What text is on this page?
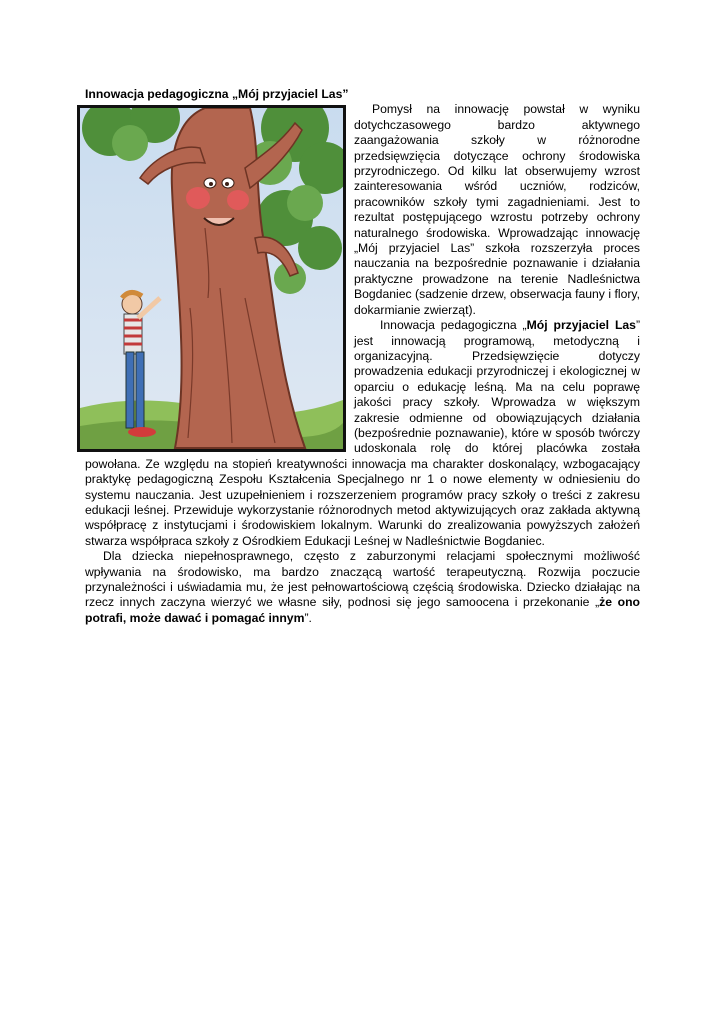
Innowacja pedagogiczna „Mój przyjaciel Las”

Pomysł na innowację powstał w wyniku dotychczasowego bardzo aktywnego zaangażowania szkoły w różnorodne przedsięwzięcia dotyczące ochrony środowiska przyrodniczego. Od kilku lat obserwujemy wzrost zainteresowania wśród uczniów, rodziców, pracowników szkoły tymi zagadnieniami. Jest to rezultat postępującego wzrostu potrzeby ochrony naturalnego środowiska. Wprowadzając innowację „Mój przyjaciel Las” szkoła rozszerzyła proces nauczania na bezpośrednie poznawanie i działania praktyczne prowadzone na terenie Nadleśnictwa Bogdaniec (sadzenie drzew, obserwacja fauny i flory, dokarmianie zwierząt).

Innowacja pedagogiczna „Mój przyjaciel Las” jest innowacją programową, metodyczną i organizacyjną. Przedsięwzięcie dotyczy prowadzenia edukacji przyrodniczej i ekologicznej w oparciu o edukację leśną. Ma na celu poprawę jakości pracy szkoły. Wprowadza w większym zakresie odmienne od obowiązujących działania (bezpośrednie poznawanie), które w sposób twórczy udoskonala rolę do której placówka została powołana. Ze względu na stopień kreatywności innowacja ma charakter doskonalący, wzbogacający praktykę pedagogiczną Zespołu Kształcenia Specjalnego nr 1 o nowe elementy w odniesieniu do systemu nauczania. Jest uzupełnieniem i rozszerzeniem programów pracy szkoły o treści z zakresu edukacji leśnej. Przewiduje wykorzystanie różnorodnych metod aktywizujących oraz zakłada aktywną współpracę z instytucjami i środowiskiem lokalnym. Warunki do zrealizowania powyższych założeń stwarza współpraca szkoły z Ośrodkiem Edukacji Leśnej w Nadleśnictwie Bogdaniec.

Dla dziecka niepełnosprawnego, często z zaburzonymi relacjami społecznymi możliwość wpływania na środowisko, ma bardzo znaczącą wartość terapeutyczną. Rozwija poczucie przynależności i uświadamia mu, że jest pełnowartościową częścią środowiska. Dziecko działając na rzecz innych zaczyna wierzyć we własne siły, podnosi się jego samoocena i przekonanie „że ono potrafi, może dawać i pomagać innym”.
